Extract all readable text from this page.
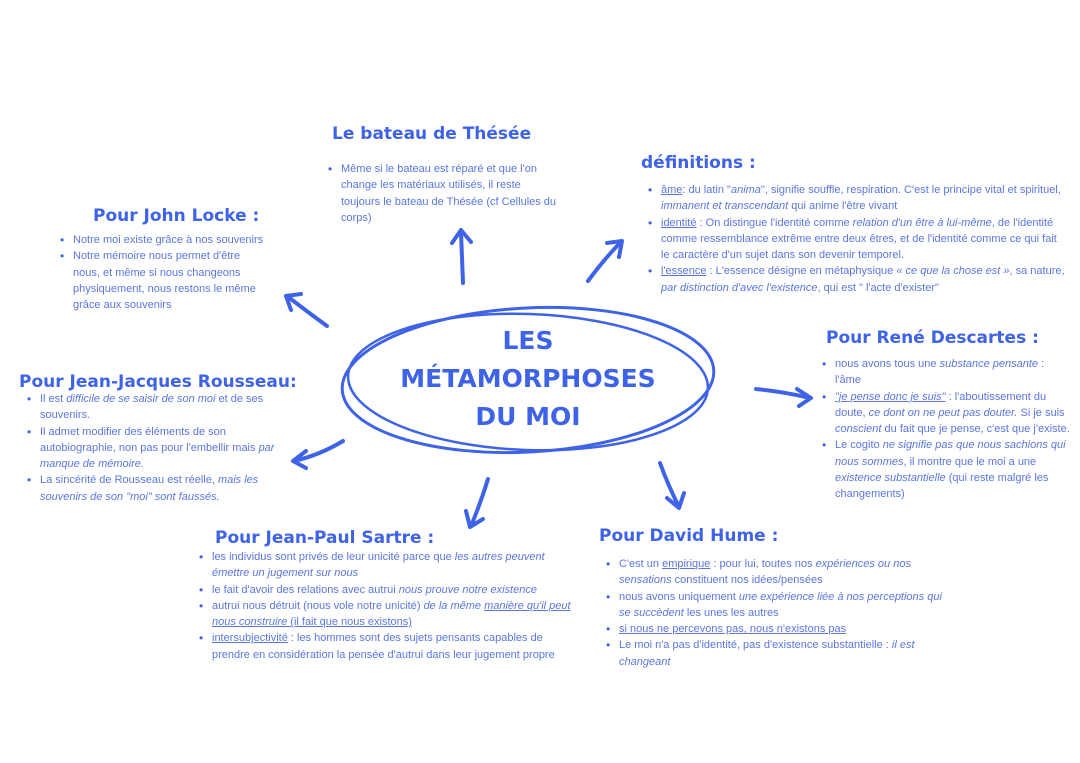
LES
MÉTAMORPHOSES
DU MOI
Le bateau de Thésée
• Même si le bateau est réparé et que l'on change les matériaux utilisés, il reste toujours le bateau de Thésée (cf Cellules du corps)
définitions :
• âme: du latin "anima", signifie souffle, respiration. C'est le principe vital et spirituel, immanent et transcendant qui anime l'être vivant
• identité : On distingue l'identité comme relation d'un être à lui-même, de l'identité comme ressemblance extrême entre deux êtres, et de l'identité comme ce qui fait le caractère d'un sujet dans son devenir temporel.
• l'essence : L'essence désigne en métaphysique « ce que la chose est », sa nature, par distinction d'avec l'existence, qui est " l'acte d'exister"
Pour John Locke :
• Notre moi existe grâce à nos souvenirs
• Notre mémoire nous permet d'être nous, et même si nous changeons physiquement, nous restons le même grâce aux souvenirs
Pour Jean-Jacques Rousseau:
• Il est difficile de se saisir de son moi et de ses souvenirs.
• Il admet modifier des éléments de son autobiographie, non pas pour l'embellir mais par manque de mémoire.
• La sincérité de Rousseau est réelle, mais les souvenirs de son "moi" sont faussés.
Pour René Descartes :
• nous avons tous une substance pensante : l'âme
• "je pense donc je suis" : l'aboutissement du doute, ce dont on ne peut pas douter. Si je suis conscient du fait que je pense, c'est que j'existe.
• Le cogito ne signifie pas que nous sachions qui nous sommes, il montre que le moi a une existence substantielle (qui reste malgré les changements)
Pour Jean-Paul Sartre :
• les individus sont privés de leur unicité parce que les autres peuvent émettre un jugement sur nous
• le fait d'avoir des relations avec autrui nous prouve notre existence
• autrui nous détruit (nous vole notre unicité) de la même manière qu'il peut nous construire (il fait que nous existons)
• intersubjectivité : les hommes sont des sujets pensants capables de prendre en considération la pensée d'autrui dans leur jugement propre
Pour David Hume :
• C'est un empirique : pour lui, toutes nos expériences ou nos sensations constituent nos idées/pensées
• nous avons uniquement une expérience liée à nos perceptions qui se succèdent les unes les autres
• si nous ne percevons pas, nous n'existons pas
• Le moi n'a pas d'identité, pas d'existence substantielle : il est changeant
